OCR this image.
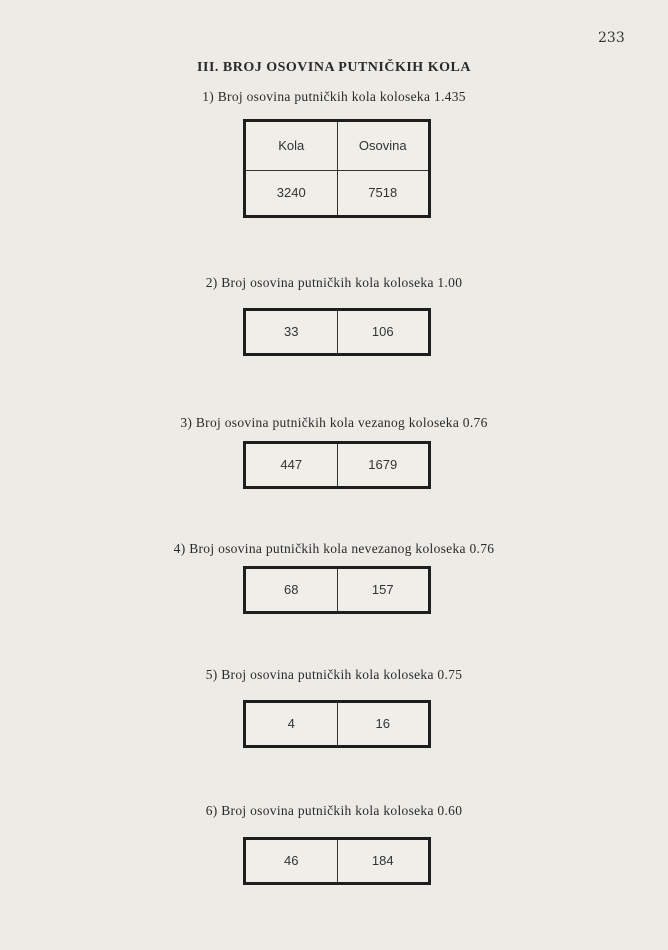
233
III. BROJ OSOVINA PUTNIČKIH KOLA
1) Broj osovina putničkih kola koloseka 1.435
Kola	Osovina
3240	7518
2) Broj osovina putničkih kola koloseka 1.00
33	106
3) Broj osovina putničkih kola vezanog koloseka 0.76
447	1679
4) Broj osovina putničkih kola nevezanog koloseka 0.76
68	157
5) Broj osovina putničkih kola koloseka 0.75
4	16
6) Broj osovina putničkih kola koloseka 0.60
46	184
